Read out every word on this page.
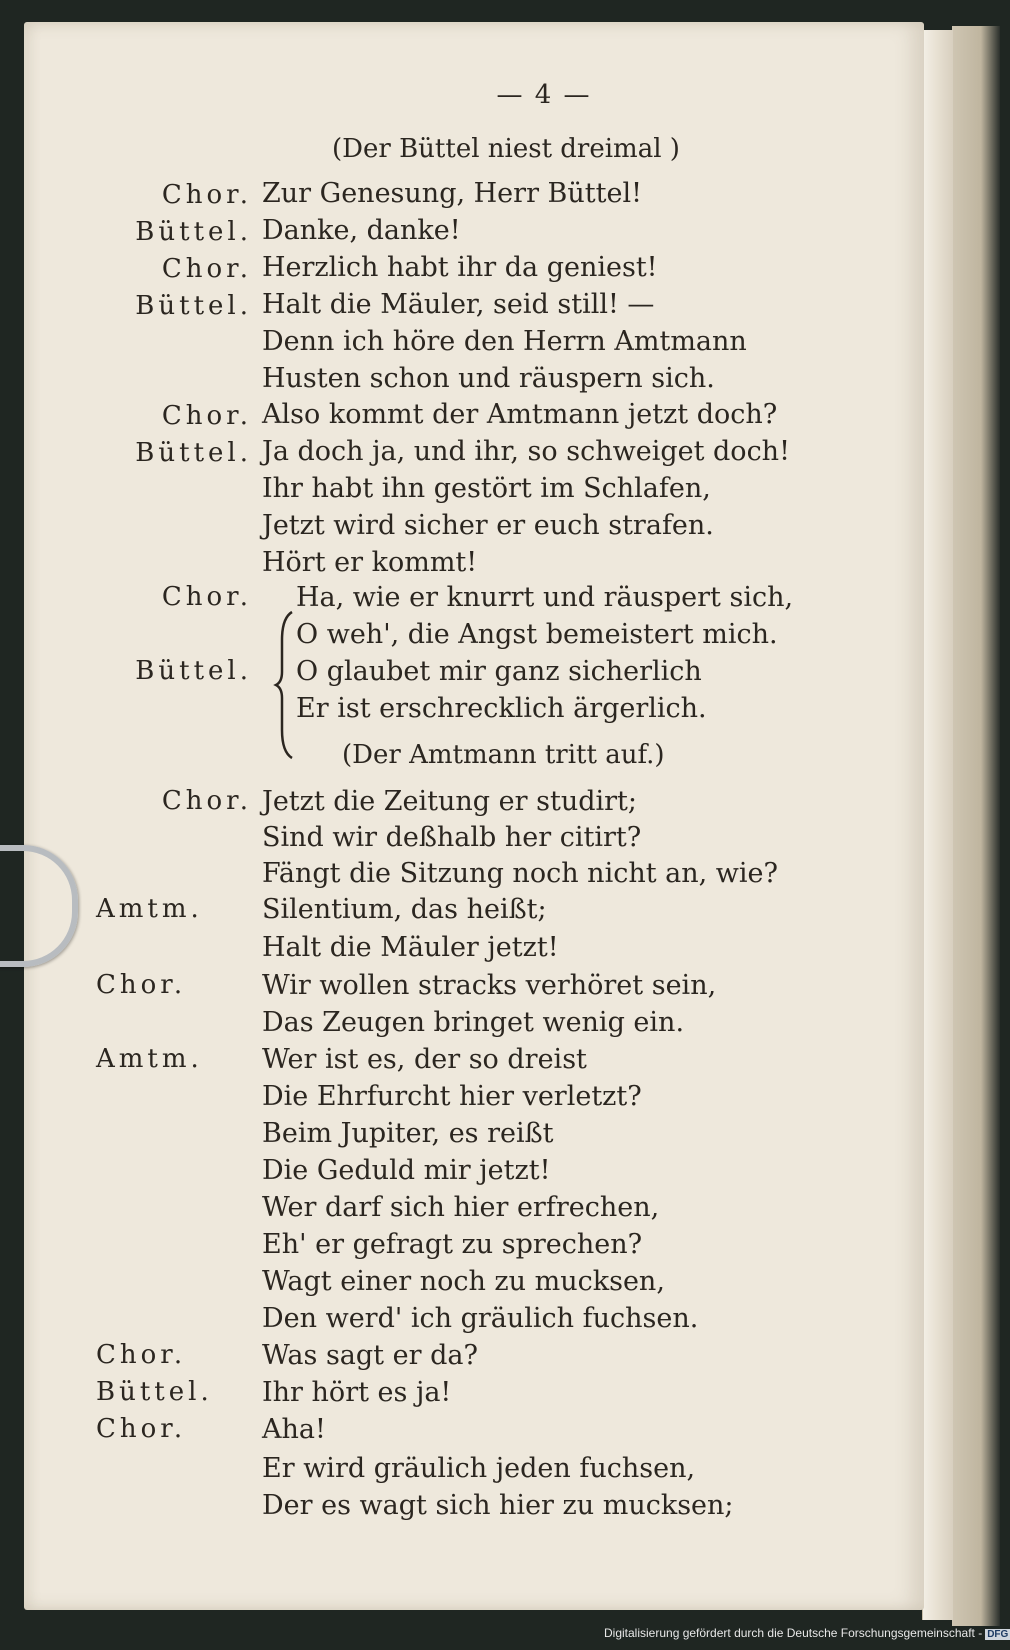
— 4 —
(Der Büttel niest dreimal )
Chor.
Büttel.
Chor.
Büttel.
Chor.
Büttel.
Chor.
Büttel.
Chor.
Amtm.
Chor.
Amtm.
Chor.
Büttel.
Chor.
Zur Genesung, Herr Büttel!
Danke, danke!
Herzlich habt ihr da geniest!
Halt die Mäuler, seid still! —
Denn ich höre den Herrn Amtmann
Husten schon und räuspern sich.
Also kommt der Amtmann jetzt doch?
Ja doch ja, und ihr, so schweiget doch!
Ihr habt ihn gestört im Schlafen,
Jetzt wird sicher er euch strafen.
Hört er kommt!
Ha, wie er knurrt und räuspert sich,
O weh', die Angst bemeistert mich.
O glaubet mir ganz sicherlich
Er ist erschrecklich ärgerlich.
(Der Amtmann tritt auf.)
Jetzt die Zeitung er studirt;
Sind wir deßhalb her citirt?
Fängt die Sitzung noch nicht an, wie?
Silentium, das heißt;
Halt die Mäuler jetzt!
Wir wollen stracks verhöret sein,
Das Zeugen bringet wenig ein.
Wer ist es, der so dreist
Die Ehrfurcht hier verletzt?
Beim Jupiter, es reißt
Die Geduld mir jetzt!
Wer darf sich hier erfrechen,
Eh' er gefragt zu sprechen?
Wagt einer noch zu mucksen,
Den werd' ich gräulich fuchsen.
Was sagt er da?
Ihr hört es ja!
Aha!
Er wird gräulich jeden fuchsen,
Der es wagt sich hier zu mucksen;
Digitalisierung gefördert durch die Deutsche Forschungsgemeinschaft - DFG
